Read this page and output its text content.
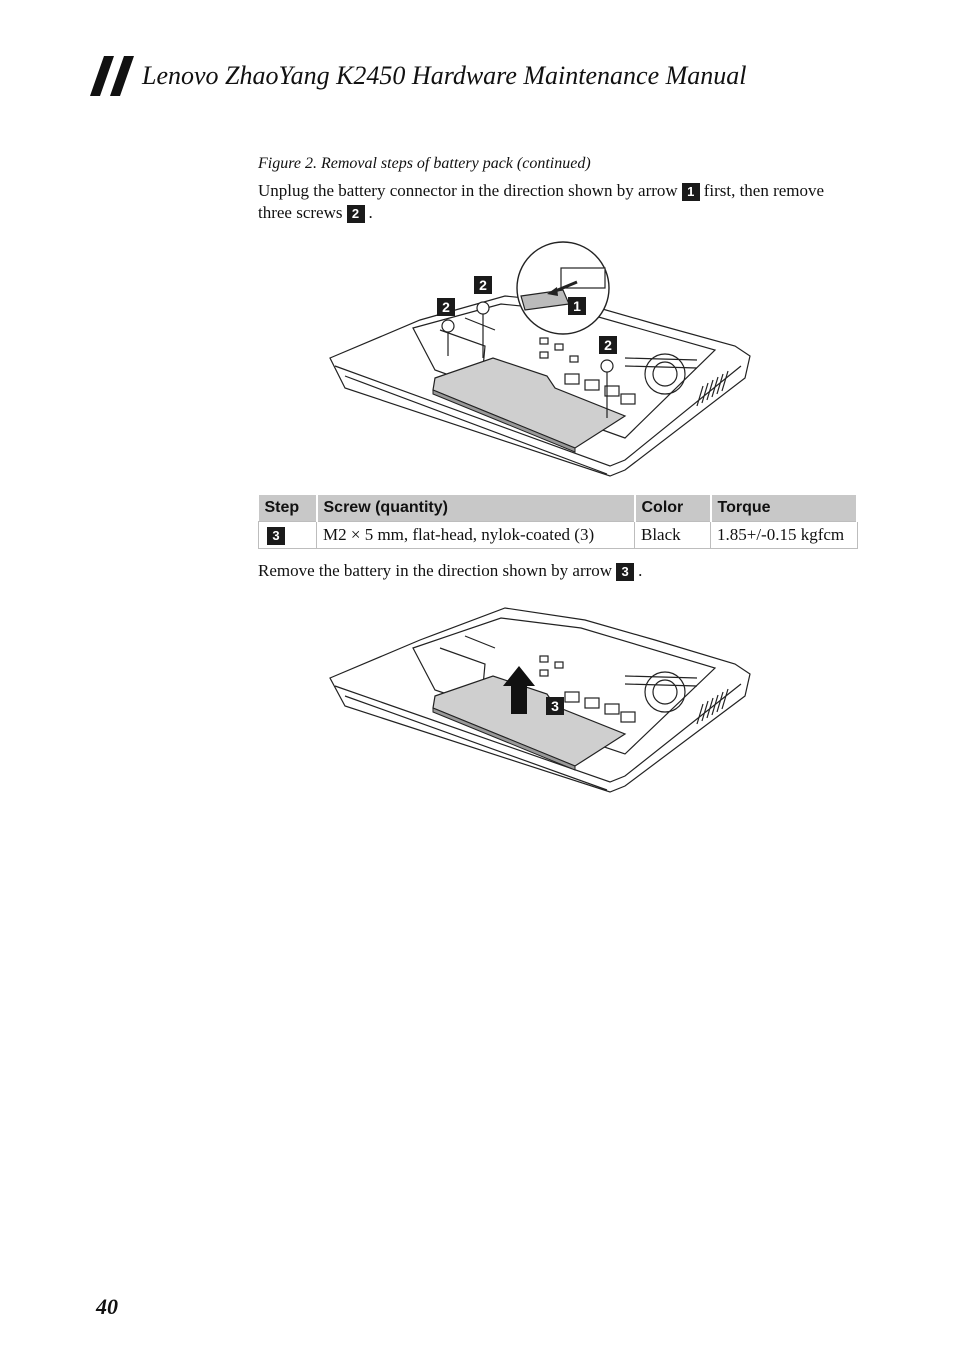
Lenovo ZhaoYang K2450 Hardware Maintenance Manual
Figure 2. Removal steps of battery pack (continued)
Unplug the battery connector in the direction shown by arrow 1 first, then remove three screws 2 .
1
2
2
2
Step	Screw (quantity)	Color	Torque
3	M2 × 5 mm, flat-head, nylok-coated (3)	Black	1.85+/-0.15 kgfcm
Remove the battery in the direction shown by arrow 3 .
3
40
